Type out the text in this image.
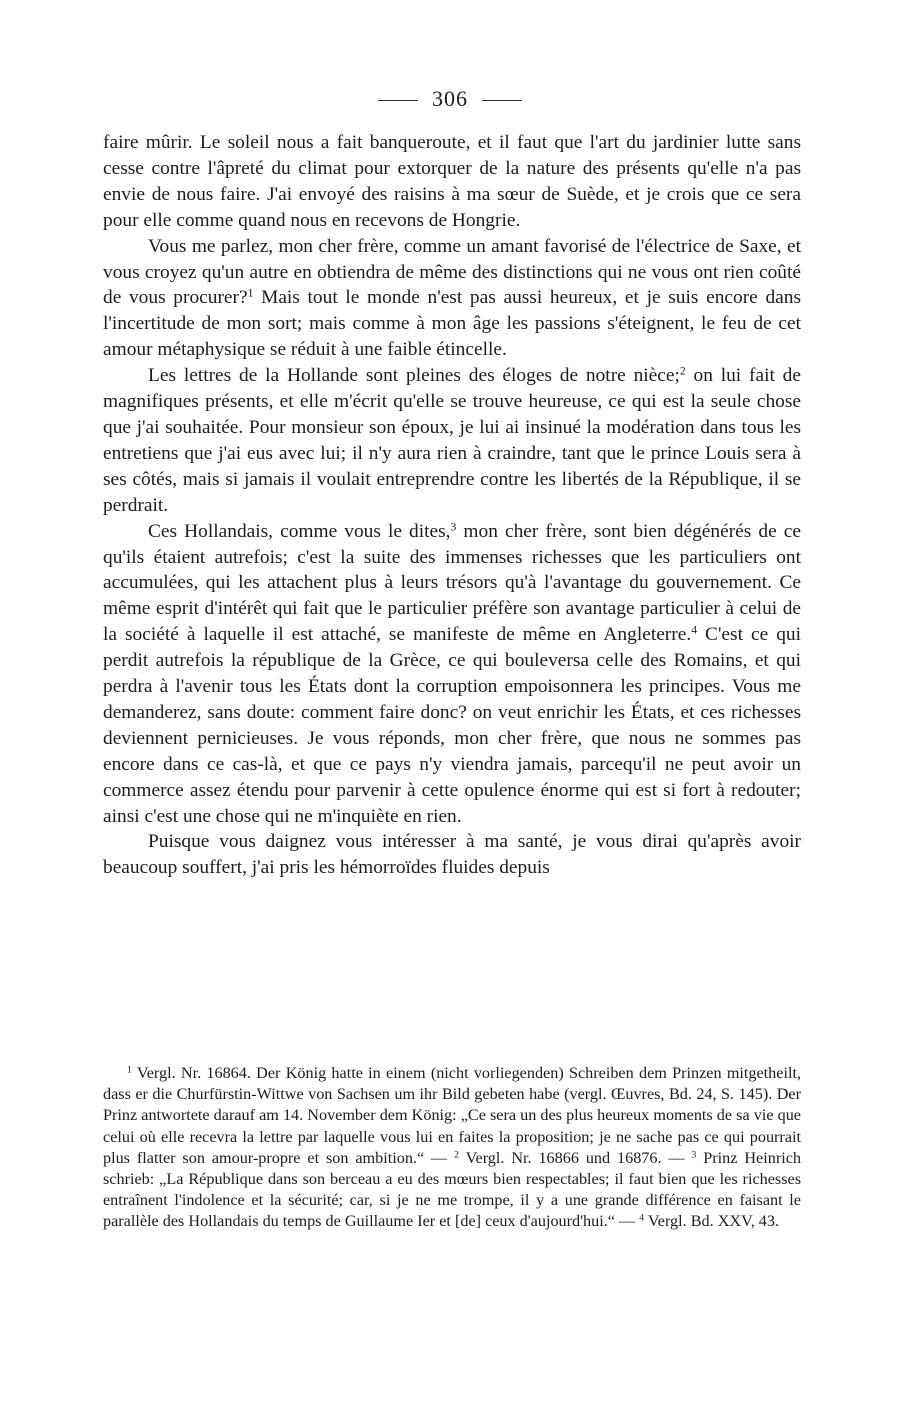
306

faire mûrir. Le soleil nous a fait banqueroute, et il faut que l'art du jardinier lutte sans cesse contre l'âpreté du climat pour extorquer de la nature des présents qu'elle n'a pas envie de nous faire. J'ai envoyé des raisins à ma sœur de Suède, et je crois que ce sera pour elle comme quand nous en recevons de Hongrie.

Vous me parlez, mon cher frère, comme un amant favorisé de l'électrice de Saxe, et vous croyez qu'un autre en obtiendra de même des distinctions qui ne vous ont rien coûté de vous procurer?$^1$ Mais tout le monde n'est pas aussi heureux, et je suis encore dans l'incertitude de mon sort; mais comme à mon âge les passions s'éteignent, le feu de cet amour métaphysique se réduit à une faible étincelle.

Les lettres de la Hollande sont pleines des éloges de notre nièce;$^2$ on lui fait de magnifiques présents, et elle m'écrit qu'elle se trouve heureuse, ce qui est la seule chose que j'ai souhaitée. Pour monsieur son époux, je lui ai insinué la modération dans tous les entretiens que j'ai eus avec lui; il n'y aura rien à craindre, tant que le prince Louis sera à ses côtés, mais si jamais il voulait entreprendre contre les libertés de la République, il se perdrait.

Ces Hollandais, comme vous le dites,$^3$ mon cher frère, sont bien dégénérés de ce qu'ils étaient autrefois; c'est la suite des immenses richesses que les particuliers ont accumulées, qui les attachent plus à leurs trésors qu'à l'avantage du gouvernement. Ce même esprit d'intérêt qui fait que le particulier préfère son avantage particulier à celui de la société à laquelle il est attaché, se manifeste de même en Angleterre.$^4$ C'est ce qui perdit autrefois la république de la Grèce, ce qui bouleversa celle des Romains, et qui perdra à l'avenir tous les États dont la corruption empoisonnera les principes. Vous me demanderez, sans doute: comment faire donc? on veut enrichir les États, et ces richesses deviennent pernicieuses. Je vous réponds, mon cher frère, que nous ne sommes pas encore dans ce cas-là, et que ce pays n'y viendra jamais, parcequ'il ne peut avoir un commerce assez étendu pour parvenir à cette opulence énorme qui est si fort à redouter; ainsi c'est une chose qui ne m'inquiète en rien.

Puisque vous daignez vous intéresser à ma santé, je vous dirai qu'après avoir beaucoup souffert, j'ai pris les hémorroïdes fluides depuis

$^1$ Vergl. Nr. 16864. Der König hatte in einem (nicht vorliegenden) Schreiben dem Prinzen mitgetheilt, dass er die Churfürstin-Wittwe von Sachsen um ihr Bild gebeten habe (vergl. Œuvres, Bd. 24, S. 145). Der Prinz antwortete darauf am 14. November dem König: „Ce sera un des plus heureux moments de sa vie que celui où elle recevra la lettre par laquelle vous lui en faites la proposition; je ne sache pas ce qui pourrait plus flatter son amour-propre et son ambition.“ — $^2$ Vergl. Nr. 16866 und 16876. — $^3$ Prinz Heinrich schrieb: „La République dans son berceau a eu des mœurs bien respectables; il faut bien que les richesses entraînent l'indolence et la sécurité; car, si je ne me trompe, il y a une grande différence en faisant le parallèle des Hollandais du temps de Guillaume Ier et [de] ceux d'aujourd'hui.“ — $^4$ Vergl. Bd. XXV, 43.
